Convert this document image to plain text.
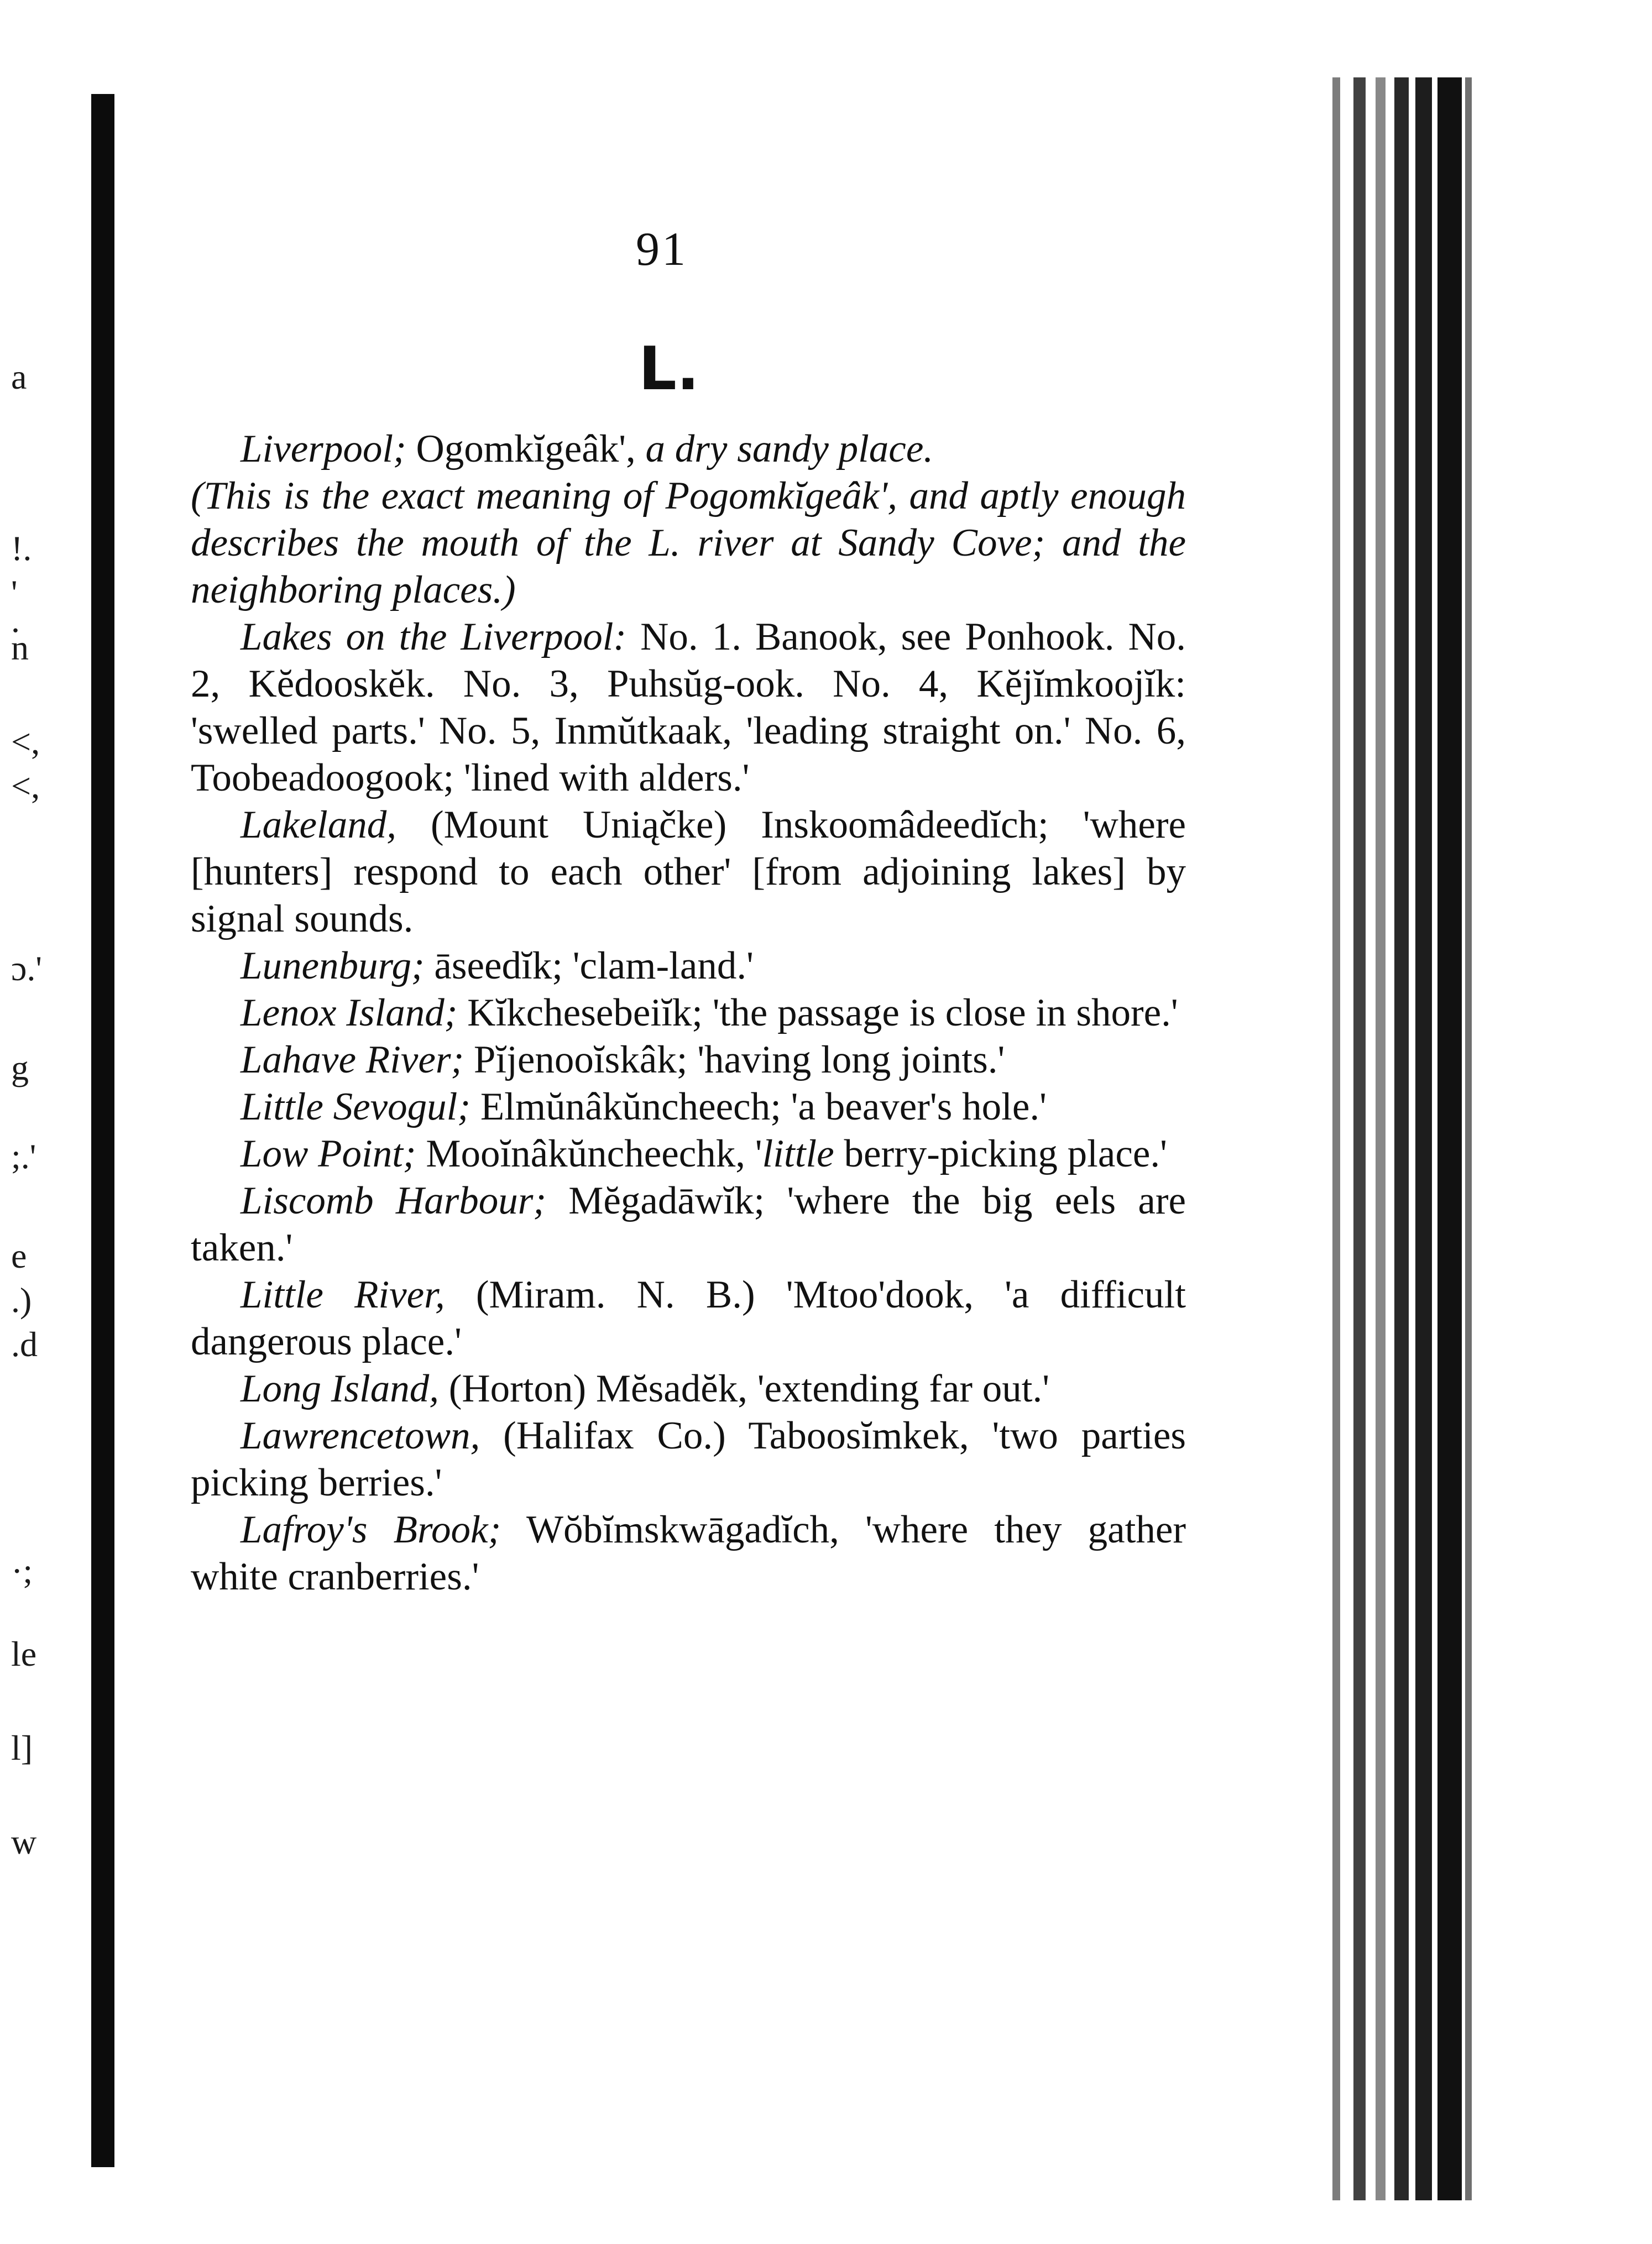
a
!.
'
.
n
<,
<,
ɔ.'
g
;.'
e
.)
.d
·;
le
l]
w
91
L.

Liverpool; Ogomkĭgeâk', a dry sandy place.

(This is the exact meaning of Pogomkĭgeâk', and aptly enough describes the mouth of the L. river at Sandy Cove; and the neighboring places.)

Lakes on the Liverpool: No. 1. Banook, see Ponhook. No. 2, Kĕdooskĕk. No. 3, Puhsŭg-ook. No. 4, Kĕjĭmkoojĭk: 'swelled parts.' No. 5, Inmŭtkaak, 'leading straight on.' No. 6, Toobeadoogook; 'lined with alders.'

Lakeland, (Mount Uniąčke) Inskoomâdeedĭch; 'where [hunters] respond to each other' [from adjoining lakes] by signal sounds.

Lunenburg; āseedĭk; 'clam-land.'

Lenox Island; Kĭkchesebeiĭk; 'the passage is close in shore.'

Lahave River; Pĭjenooĭskâk; 'having long joints.'

Little Sevogul; Elmŭnâkŭncheech; 'a beaver's hole.'

Low Point; Mooĭnâkŭncheechk, 'little berry-picking place.'

Liscomb Harbour; Mĕgadāwĭk; 'where the big eels are taken.'

Little River, (Miram. N. B.) 'Mtoo'dook, 'a difficult dangerous place.'

Long Island, (Horton) Mĕsadĕk, 'extending far out.'

Lawrencetown, (Halifax Co.) Taboosĭmkek, 'two parties picking berries.'

Lafroy's Brook; Wŏbĭmskwāgadĭch, 'where they gather white cranberries.'
